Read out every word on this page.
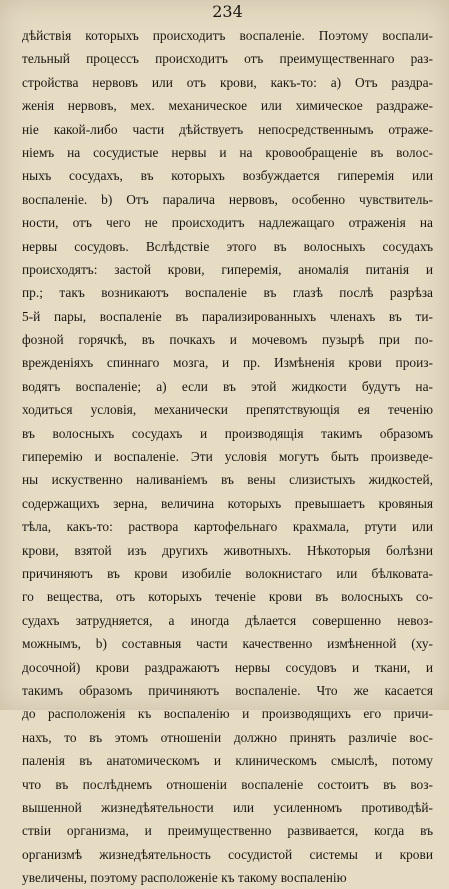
234
дѣйствія которыхъ происходитъ воспаленіе. Поэтому воспали-
тельный процессъ происходитъ отъ преимущественнаго раз-
стройства нервовъ или отъ крови, какъ-то: а) Отъ раздра-
женія нервовъ, мех. механическое или химическое раздраже-
ніе какой-либо части дѣйствуетъ непосредственнымъ отраже-
ніемъ на сосудистые нервы и на кровообращеніе въ волос-
ныхъ сосудахъ, въ которыхъ возбуждается гиперемія или
воспаленіе. b) Отъ паралича нервовъ, особенно чувствитель-
ности, отъ чего не происходитъ надлежащаго отраженія на
нервы сосудовъ. Вслѣдствіе этого въ волосныхъ сосудахъ
происходятъ: застой крови, гиперемія, аномалія питанія и
пр.; такъ возникаютъ воспаленіе въ глазѣ послѣ разрѣза
5-й пары, воспаленіе въ парализированныхъ членахъ въ ти-
фозной горячкѣ, въ почкахъ и мочевомъ пузырѣ при по-
врежденіяхъ спиннаго мозга, и пр. Измѣненія крови произ-
водятъ воспаленіе; а) если въ этой жидкости будутъ на-
ходиться условія, механически препятствующія ея теченію
въ волосныхъ сосудахъ и производящія такимъ образомъ
гиперемію и воспаленіе. Эти условія могутъ быть произведе-
ны искуственно наливаніемъ въ вены слизистыхъ жидкостей,
содержащихъ зерна, величина которыхъ превышаетъ кровяныя
тѣла, какъ-то: раствора картофельнаго крахмала, ртути или
крови, взятой изъ другихъ животныхъ. Нѣкоторыя болѣзни
причиняютъ въ крови изобиліе волокнистаго или бѣлковата-
го вещества, отъ которыхъ теченіе крови въ волосныхъ со-
судахъ затрудняется, а иногда дѣлается совершенно невоз-
можнымъ, b) составныя части качественно измѣненной (ху-
досочной) крови раздражаютъ нервы сосудовъ и ткани, и
такимъ образомъ причиняютъ воспаленіе. Что же касается
до расположенія къ воспаленію и производящихъ его причи-
нахъ, то въ этомъ отношеніи должно принять различіе вос-
паленія въ анатомическомъ и клиническомъ смыслѣ, потому
что въ послѣднемъ отношеніи воспаленіе состоитъ въ воз-
вышенной жизнедѣятельности или усиленномъ противодѣй-
ствіи организма, и преимущественно развивается, когда въ
организмѣ жизнедѣятельность сосудистой системы и крови
увеличены, поэтому расположеніе къ такому воспаленію
